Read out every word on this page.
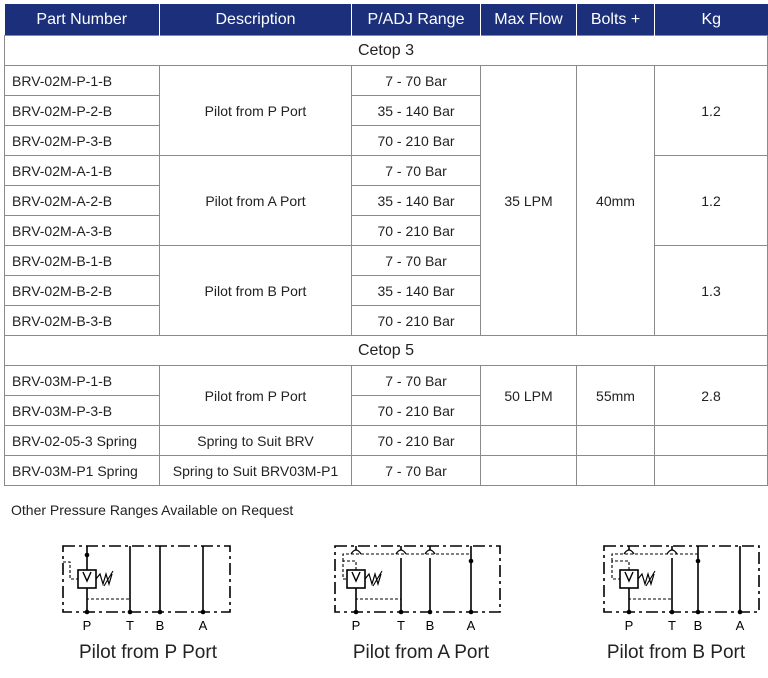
Part Number	Description	P/ADJ Range	Max Flow	Bolts +	Kg
Cetop 3					
BRV-02M-P-1-B	Pilot from P Port	7 - 70 Bar	35 LPM	40mm	1.2
BRV-02M-P-2-B		35 - 140 Bar			
BRV-02M-P-3-B		70 - 210 Bar			
BRV-02M-A-1-B	Pilot from A Port	7 - 70 Bar			1.2
BRV-02M-A-2-B		35 - 140 Bar			
BRV-02M-A-3-B		70 - 210 Bar			
BRV-02M-B-1-B	Pilot from B Port	7 - 70 Bar			1.3
BRV-02M-B-2-B		35 - 140 Bar			
BRV-02M-B-3-B		70 - 210 Bar			
Cetop 5					
BRV-03M-P-1-B	Pilot from P Port	7 - 70 Bar	50 LPM	55mm	2.8
BRV-03M-P-3-B		70 - 210 Bar			
BRV-02-05-3 Spring	Spring to Suit BRV	70 - 210 Bar			
BRV-03M-P1 Spring	Spring to Suit BRV03M-P1	7 - 70 Bar			
Other Pressure Ranges Available on Request
P	T B	A
Pilot from P Port
P	T B A
Pilot from A Port
P	T B	A
Pilot from B Port
